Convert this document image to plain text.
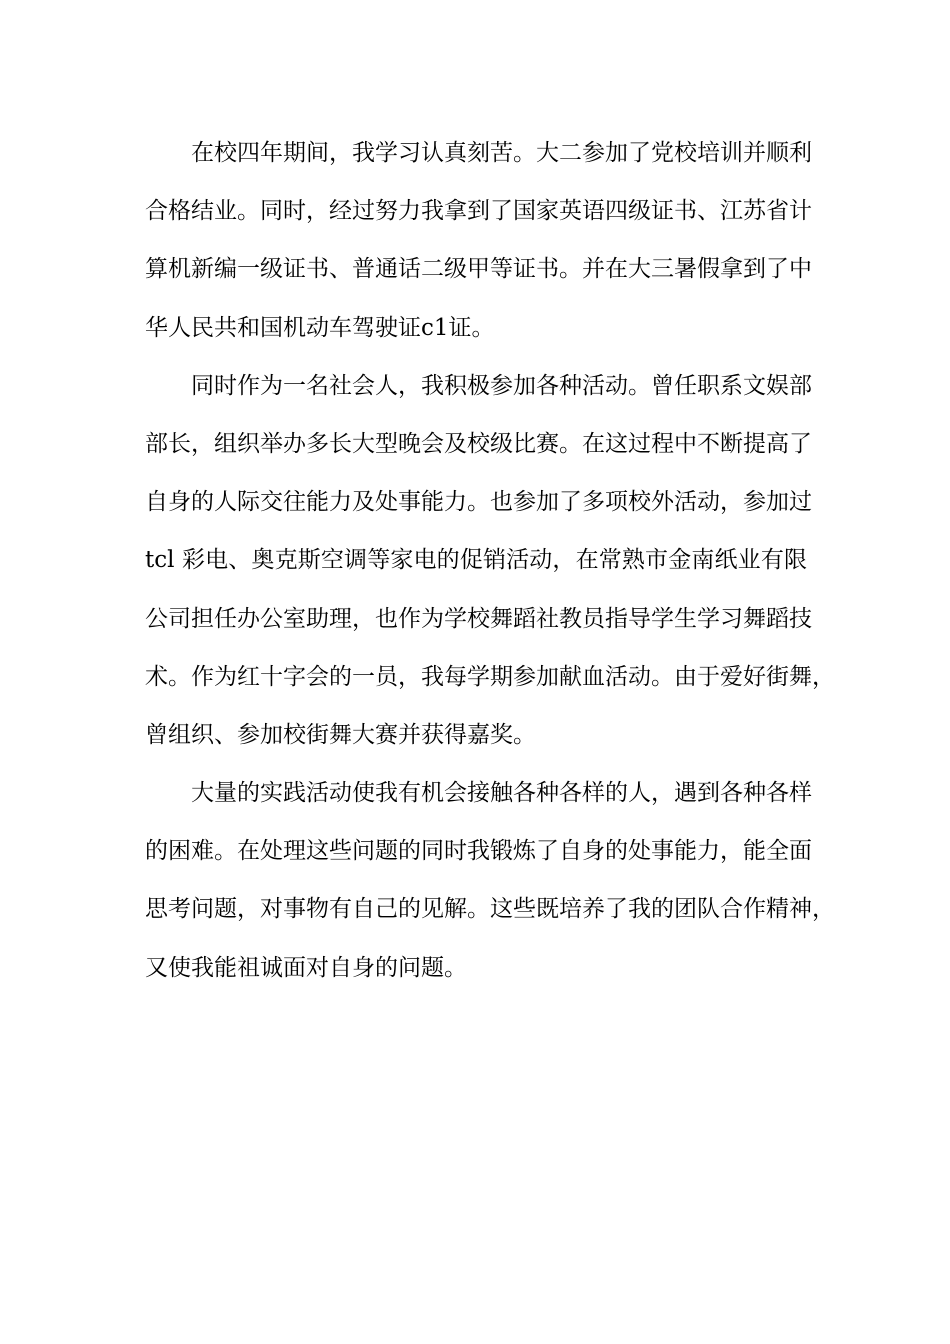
在校四年期间，我学习认真刻苦。大二参加了党校培训并顺利
合格结业。同时，经过努力我拿到了国家英语四级证书、江苏省计
算机新编一级证书、普通话二级甲等证书。并在大三暑假拿到了中
华人民共和国机动车驾驶证c1证。
同时作为一名社会人，我积极参加各种活动。曾任职系文娱部
部长，组织举办多长大型晚会及校级比赛。在这过程中不断提高了
自身的人际交往能力及处事能力。也参加了多项校外活动，参加过
tcl 彩电、奥克斯空调等家电的促销活动，在常熟市金南纸业有限
公司担任办公室助理，也作为学校舞蹈社教员指导学生学习舞蹈技
术。作为红十字会的一员，我每学期参加献血活动。由于爱好街舞，
曾组织、参加校街舞大赛并获得嘉奖。
大量的实践活动使我有机会接触各种各样的人，遇到各种各样
的困难。在处理这些问题的同时我锻炼了自身的处事能力，能全面
思考问题，对事物有自己的见解。这些既培养了我的团队合作精神，
又使我能祖诚面对自身的问题。
